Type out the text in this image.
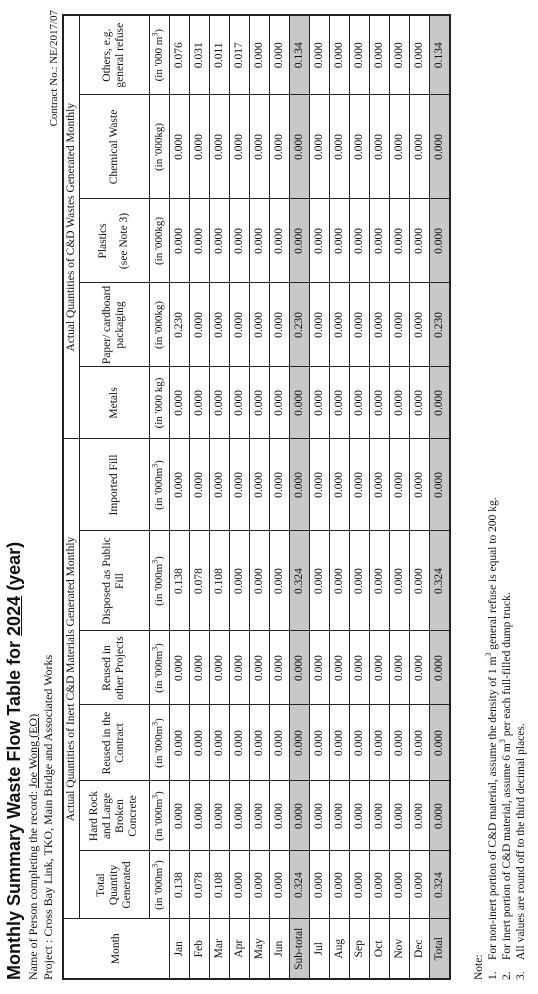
Monthly Summary Waste Flow Table for 2024 (year)
Name of Person completing the record: Joe Wong (EO) Project : Cross Bay Link, TKO, Main Bridge and Associated Works
Contract No.: NE/2017/07
Month	Actual Quantities of Inert C&D Materials Generated Monthly						Actual Quantities of C&D Wastes Generated Monthly				

	Total Quantity Generated	Hard Rock and Large Broken Concrete	Reused in the Contract	Reused in other Projects	Disposed as Public Fill	Imported Fill	Metals	Paper/ cardboard packaging	Plastics (see Note 3)	Chemical Waste	Others, e.g. general refuse

	(in '$000m^3$)	(in '$000m^3$)	(in '$000m^3$)	(in '$000m^3$)	(in '$000m^3$)	(in '$000m^3$)	(in '000 kg)	(in '000kg)	(in '000kg)	(in '000kg)	(in '000 $m^3$)
Jan	0.138	0.000	0.000	0.000	0.138	0.000	0.000	0.230	0.000	0.000	0.076
Feb	0.078	0.000	0.000	0.000	0.078	0.000	0.000	0.000	0.000	0.000	0.031
Mar	0.108	0.000	0.000	0.000	0.108	0.000	0.000	0.000	0.000	0.000	0.011
Apr	0.000	0.000	0.000	0.000	0.000	0.000	0.000	0.000	0.000	0.000	0.017
May	0.000	0.000	0.000	0.000	0.000	0.000	0.000	0.000	0.000	0.000	0.000
Jun	0.000	0.000	0.000	0.000	0.000	0.000	0.000	0.000	0.000	0.000	0.000
Sub-total	0.324	0.000	0.000	0.000	0.324	0.000	0.000	0.230	0.000	0.000	0.134
Jul	0.000	0.000	0.000	0.000	0.000	0.000	0.000	0.000	0.000	0.000	0.000
Aug	0.000	0.000	0.000	0.000	0.000	0.000	0.000	0.000	0.000	0.000	0.000
Sep	0.000	0.000	0.000	0.000	0.000	0.000	0.000	0.000	0.000	0.000	0.000
Oct	0.000	0.000	0.000	0.000	0.000	0.000	0.000	0.000	0.000	0.000	0.000
Nov	0.000	0.000	0.000	0.000	0.000	0.000	0.000	0.000	0.000	0.000	0.000
Dec	0.000	0.000	0.000	0.000	0.000	0.000	0.000	0.000	0.000	0.000	0.000
Total	0.324	0.000	0.000	0.000	0.324	0.000	0.000	0.230	0.000	0.000	0.134
Note: 1.
For non-inert portion of C&D material, assume the density of 1 $m^3$ general refuse is equal to 200 kg.
2.
For inert portion of C&D material, assume 6 $m^3$ per each full-filled dump truck.
3.
All values are round off to the third decimal places.
